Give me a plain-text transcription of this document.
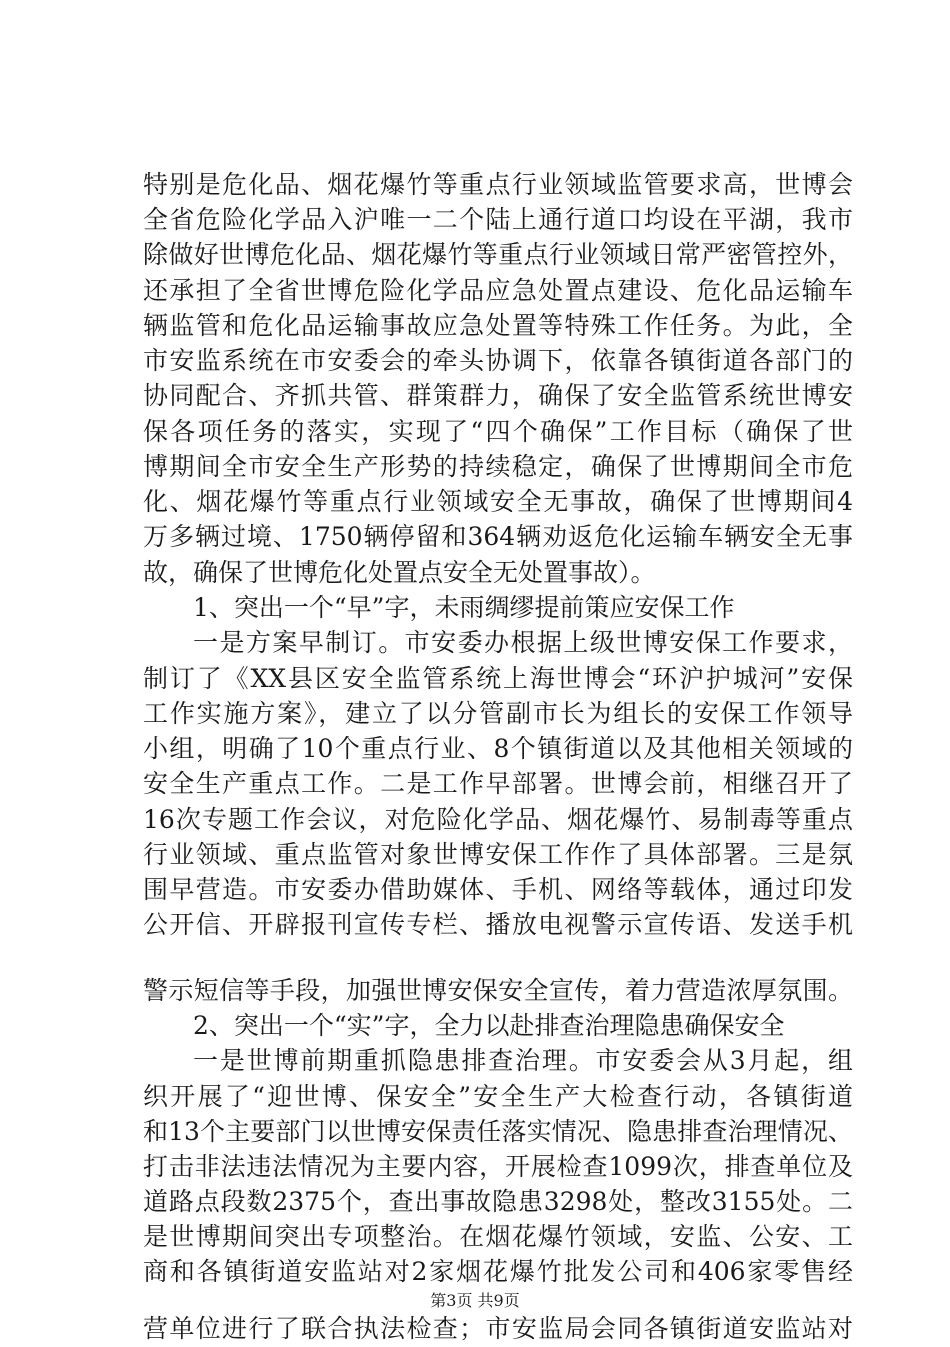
特别是危化品、烟花爆竹等重点行业领域监管要求高，世博会
全省危险化学品入沪唯一二个陆上通行道口均设在平湖，我市
除做好世博危化品、烟花爆竹等重点行业领域日常严密管控外，
还承担了全省世博危险化学品应急处置点建设、危化品运输车
辆监管和危化品运输事故应急处置等特殊工作任务。为此，全
市安监系统在市安委会的牵头协调下，依靠各镇街道各部门的
协同配合、齐抓共管、群策群力，确保了安全监管系统世博安
保各项任务的落实，实现了“四个确保”工作目标（确保了世
博期间全市安全生产形势的持续稳定，确保了世博期间全市危
化、烟花爆竹等重点行业领域安全无事故，确保了世博期间4
万多辆过境、1750辆停留和364辆劝返危化运输车辆安全无事
故，确保了世博危化处置点安全无处置事故）。
1、突出一个“早”字，未雨绸缪提前策应安保工作
一是方案早制订。市安委办根据上级世博安保工作要求，
制订了《XX县区安全监管系统上海世博会“环沪护城河”安保
工作实施方案》，建立了以分管副市长为组长的安保工作领导
小组，明确了10个重点行业、8个镇街道以及其他相关领域的
安全生产重点工作。二是工作早部署。世博会前，相继召开了
16次专题工作会议，对危险化学品、烟花爆竹、易制毒等重点
行业领域、重点监管对象世博安保工作作了具体部署。三是氛
围早营造。市安委办借助媒体、手机、网络等载体，通过印发
公开信、开辟报刊宣传专栏、播放电视警示宣传语、发送手机
警示短信等手段，加强世博安保安全宣传，着力营造浓厚氛围。
2、突出一个“实”字，全力以赴排查治理隐患确保安全
一是世博前期重抓隐患排查治理。市安委会从3月起，组
织开展了“迎世博、保安全”安全生产大检查行动，各镇街道
和13个主要部门以世博安保责任落实情况、隐患排查治理情况、
打击非法违法情况为主要内容，开展检查1099次，排查单位及
道路点段数2375个，查出事故隐患3298处，整改3155处。二
是世博期间突出专项整治。在烟花爆竹领域，安监、公安、工
商和各镇街道安监站对2家烟花爆竹批发公司和406家零售经
营单位进行了联合执法检查；市安监局会同各镇街道安监站对
第3页 共9页
